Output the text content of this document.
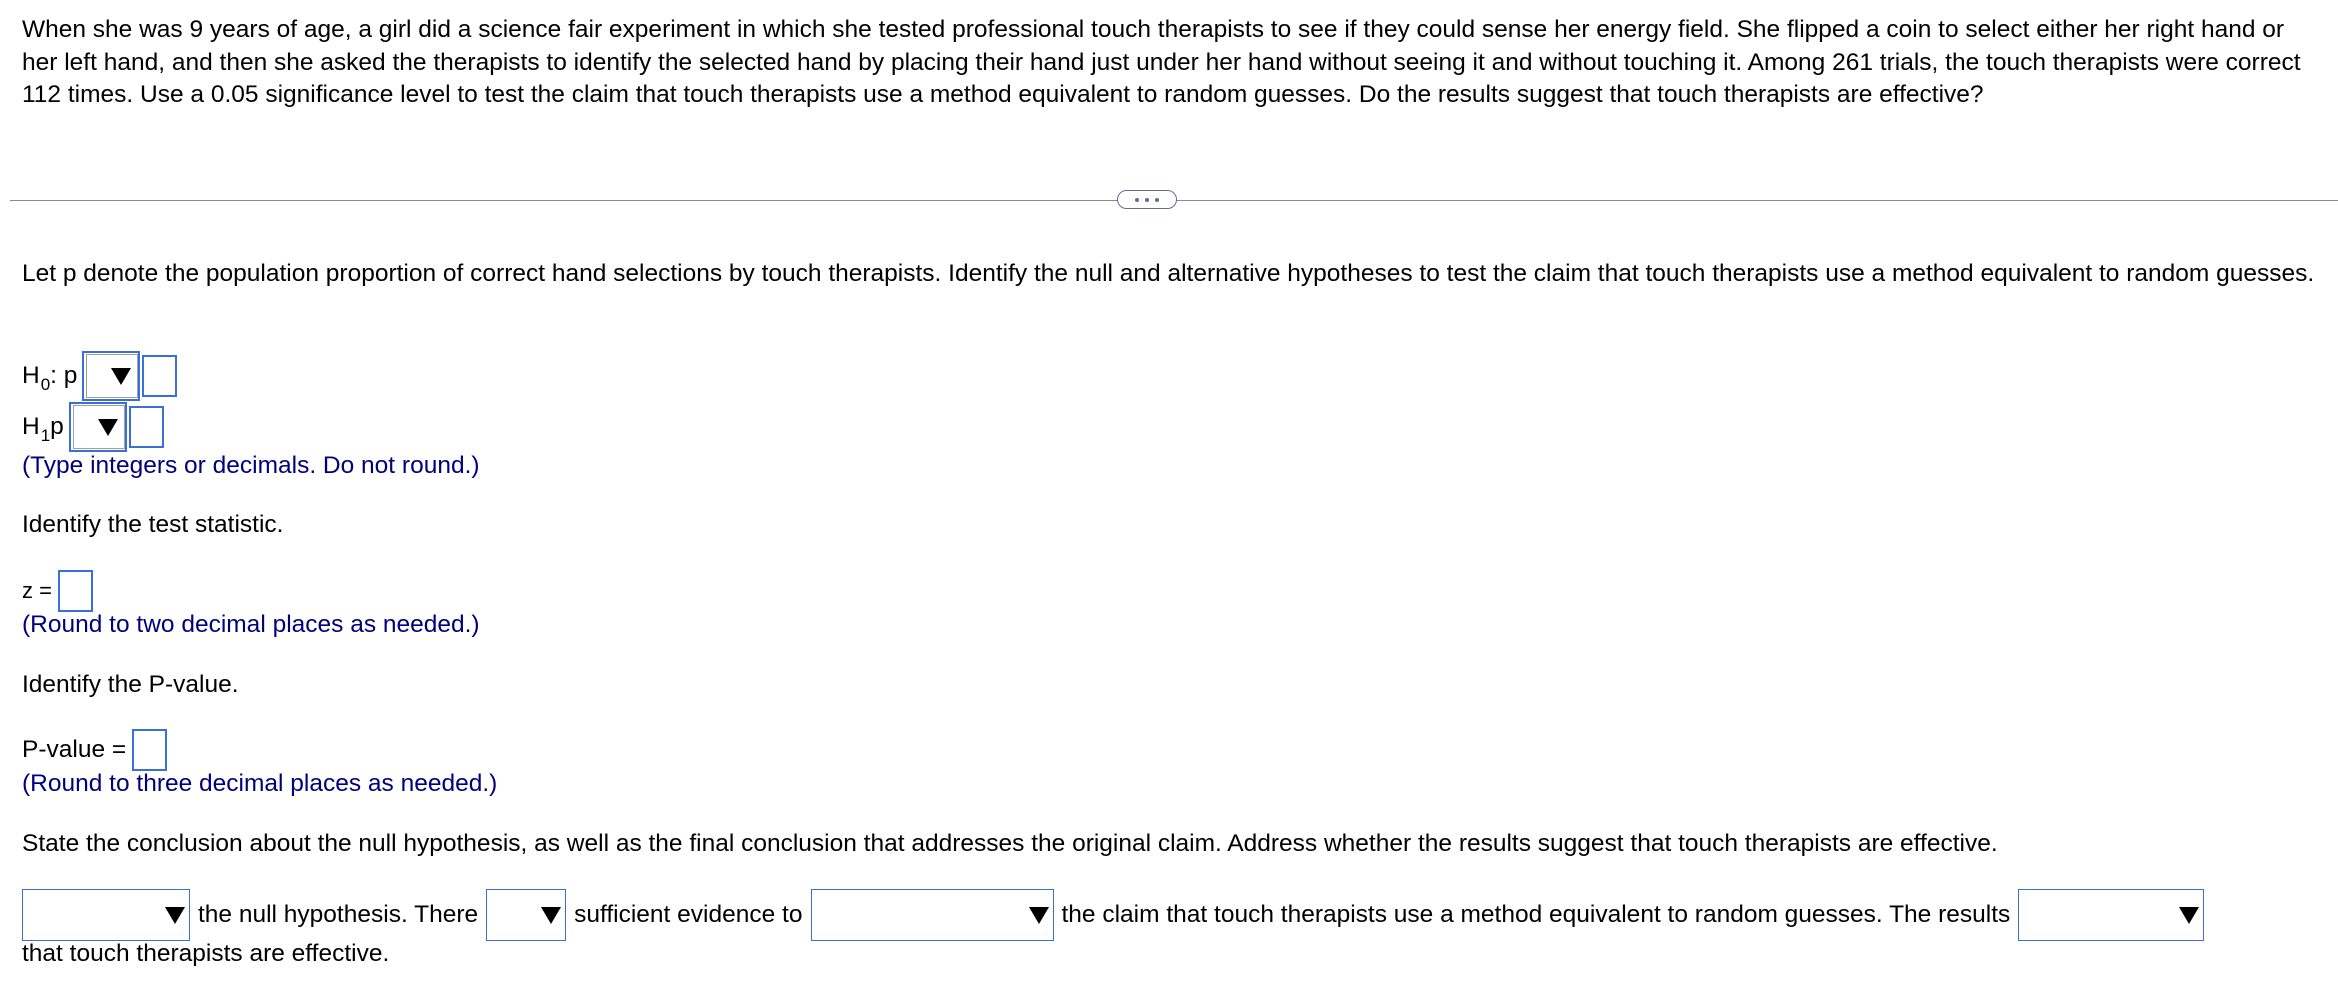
When she was 9 years of age, a girl did a science fair experiment in which she tested professional touch therapists to see if they could sense her energy field. She flipped a coin to select either her right hand or her left hand, and then she asked the therapists to identify the selected hand by placing their hand just under her hand without seeing it and without touching it. Among 261 trials, the touch therapists were correct 112 times. Use a 0.05 significance level to test the claim that touch therapists use a method equivalent to random guesses. Do the results suggest that touch therapists are effective?
Let p denote the population proportion of correct hand selections by touch therapists. Identify the null and alternative hypotheses to test the claim that touch therapists use a method equivalent to random guesses.
$H_0$: p
$H_1p$
(Type integers or decimals. Do not round.)
Identify the test statistic.
z =
(Round to two decimal places as needed.)
Identify the P-value.
P-value =
(Round to three decimal places as needed.)
State the conclusion about the null hypothesis, as well as the final conclusion that addresses the original claim. Address whether the results suggest that touch therapists are effective.
the null hypothesis. There	sufficient evidence to	the claim that touch therapists use a method equivalent to random guesses. The results
that touch therapists are effective.
